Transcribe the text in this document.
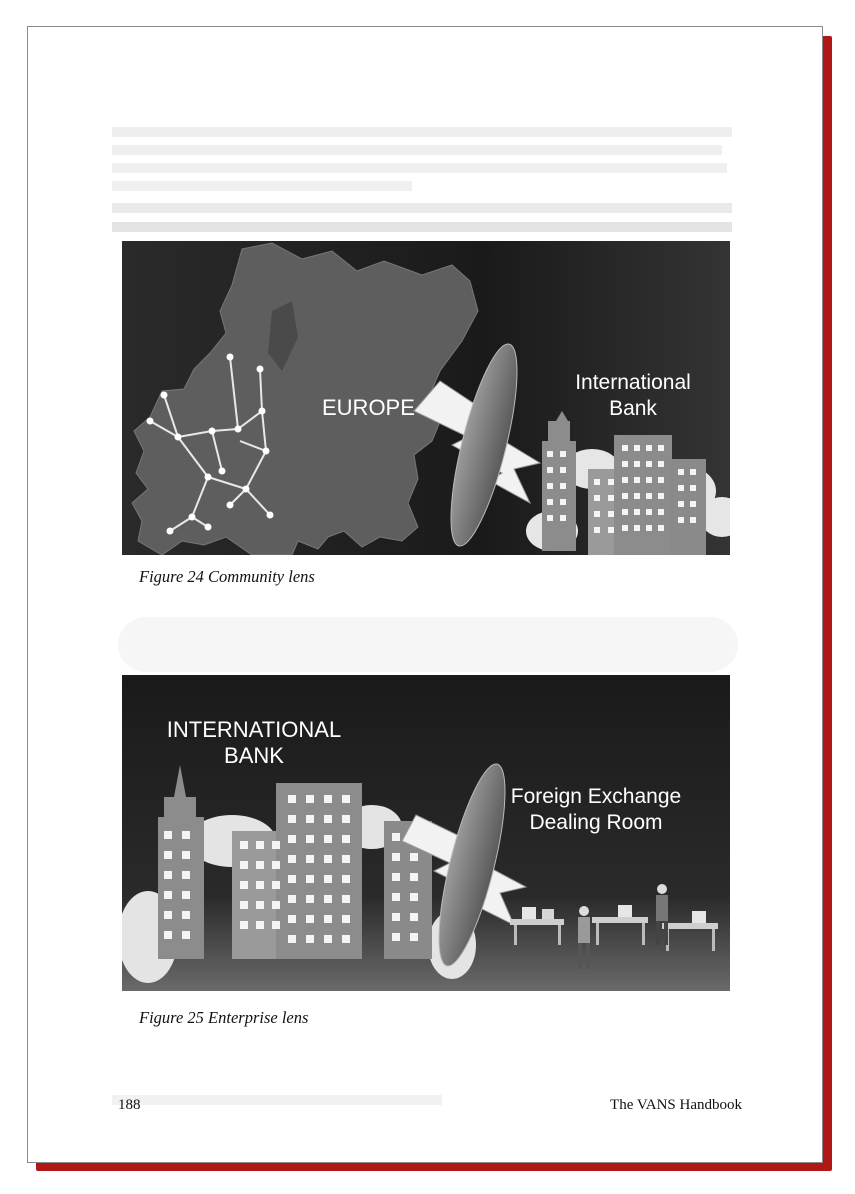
EUROPE
International
Bank
Figure 24 Community lens
INTERNATIONAL
BANK
Foreign Exchange
Dealing Room
Figure 25 Enterprise lens
188	The VANS Handbook
